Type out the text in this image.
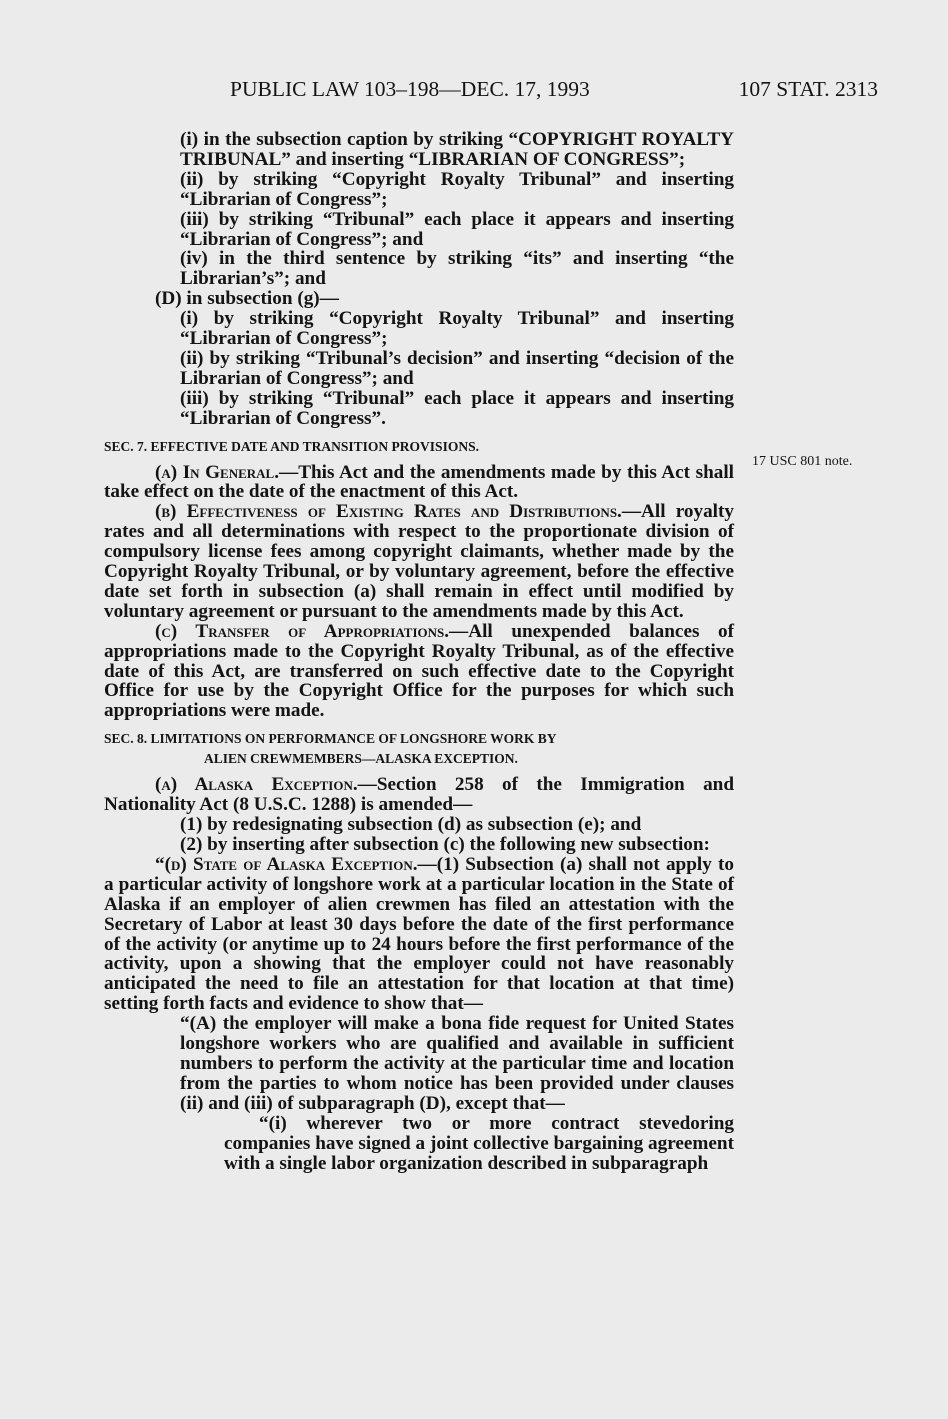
PUBLIC LAW 103–198—DEC. 17, 1993	107 STAT. 2313
17 USC 801 note.

(i) in the subsection caption by striking “COPYRIGHT ROYALTY TRIBUNAL” and inserting “LIBRARIAN OF CONGRESS”;

(ii) by striking “Copyright Royalty Tribunal” and inserting “Librarian of Congress”;

(iii) by striking “Tribunal” each place it appears and inserting “Librarian of Congress”; and

(iv) in the third sentence by striking “its” and inserting “the Librarian’s”; and

(D) in subsection (g)—

(i) by striking “Copyright Royalty Tribunal” and inserting “Librarian of Congress”;

(ii) by striking “Tribunal’s decision” and inserting “decision of the Librarian of Congress”; and

(iii) by striking “Tribunal” each place it appears and inserting “Librarian of Congress”.

SEC. 7. EFFECTIVE DATE AND TRANSITION PROVISIONS.

(a) In General.—This Act and the amendments made by this Act shall take effect on the date of the enactment of this Act.

(b) Effectiveness of Existing Rates and Distributions.—All royalty rates and all determinations with respect to the proportionate division of compulsory license fees among copyright claimants, whether made by the Copyright Royalty Tribunal, or by voluntary agreement, before the effective date set forth in subsection (a) shall remain in effect until modified by voluntary agreement or pursuant to the amendments made by this Act.

(c) Transfer of Appropriations.—All unexpended balances of appropriations made to the Copyright Royalty Tribunal, as of the effective date of this Act, are transferred on such effective date to the Copyright Office for use by the Copyright Office for the purposes for which such appropriations were made.

SEC. 8. LIMITATIONS ON PERFORMANCE OF LONGSHORE WORK BY
ALIEN CREWMEMBERS—ALASKA EXCEPTION.

(a) Alaska Exception.—Section 258 of the Immigration and Nationality Act (8 U.S.C. 1288) is amended—

(1) by redesignating subsection (d) as subsection (e); and

(2) by inserting after subsection (c) the following new subsection:

“(d) State of Alaska Exception.—(1) Subsection (a) shall not apply to a particular activity of longshore work at a particular location in the State of Alaska if an employer of alien crewmen has filed an attestation with the Secretary of Labor at least 30 days before the date of the first performance of the activity (or anytime up to 24 hours before the first performance of the activity, upon a showing that the employer could not have reasonably anticipated the need to file an attestation for that location at that time) setting forth facts and evidence to show that—

“(A) the employer will make a bona fide request for United States longshore workers who are qualified and available in sufficient numbers to perform the activity at the particular time and location from the parties to whom notice has been provided under clauses (ii) and (iii) of subparagraph (D), except that—

“(i) wherever two or more contract stevedoring companies have signed a joint collective bargaining agreement with a single labor organization described in subparagraph
